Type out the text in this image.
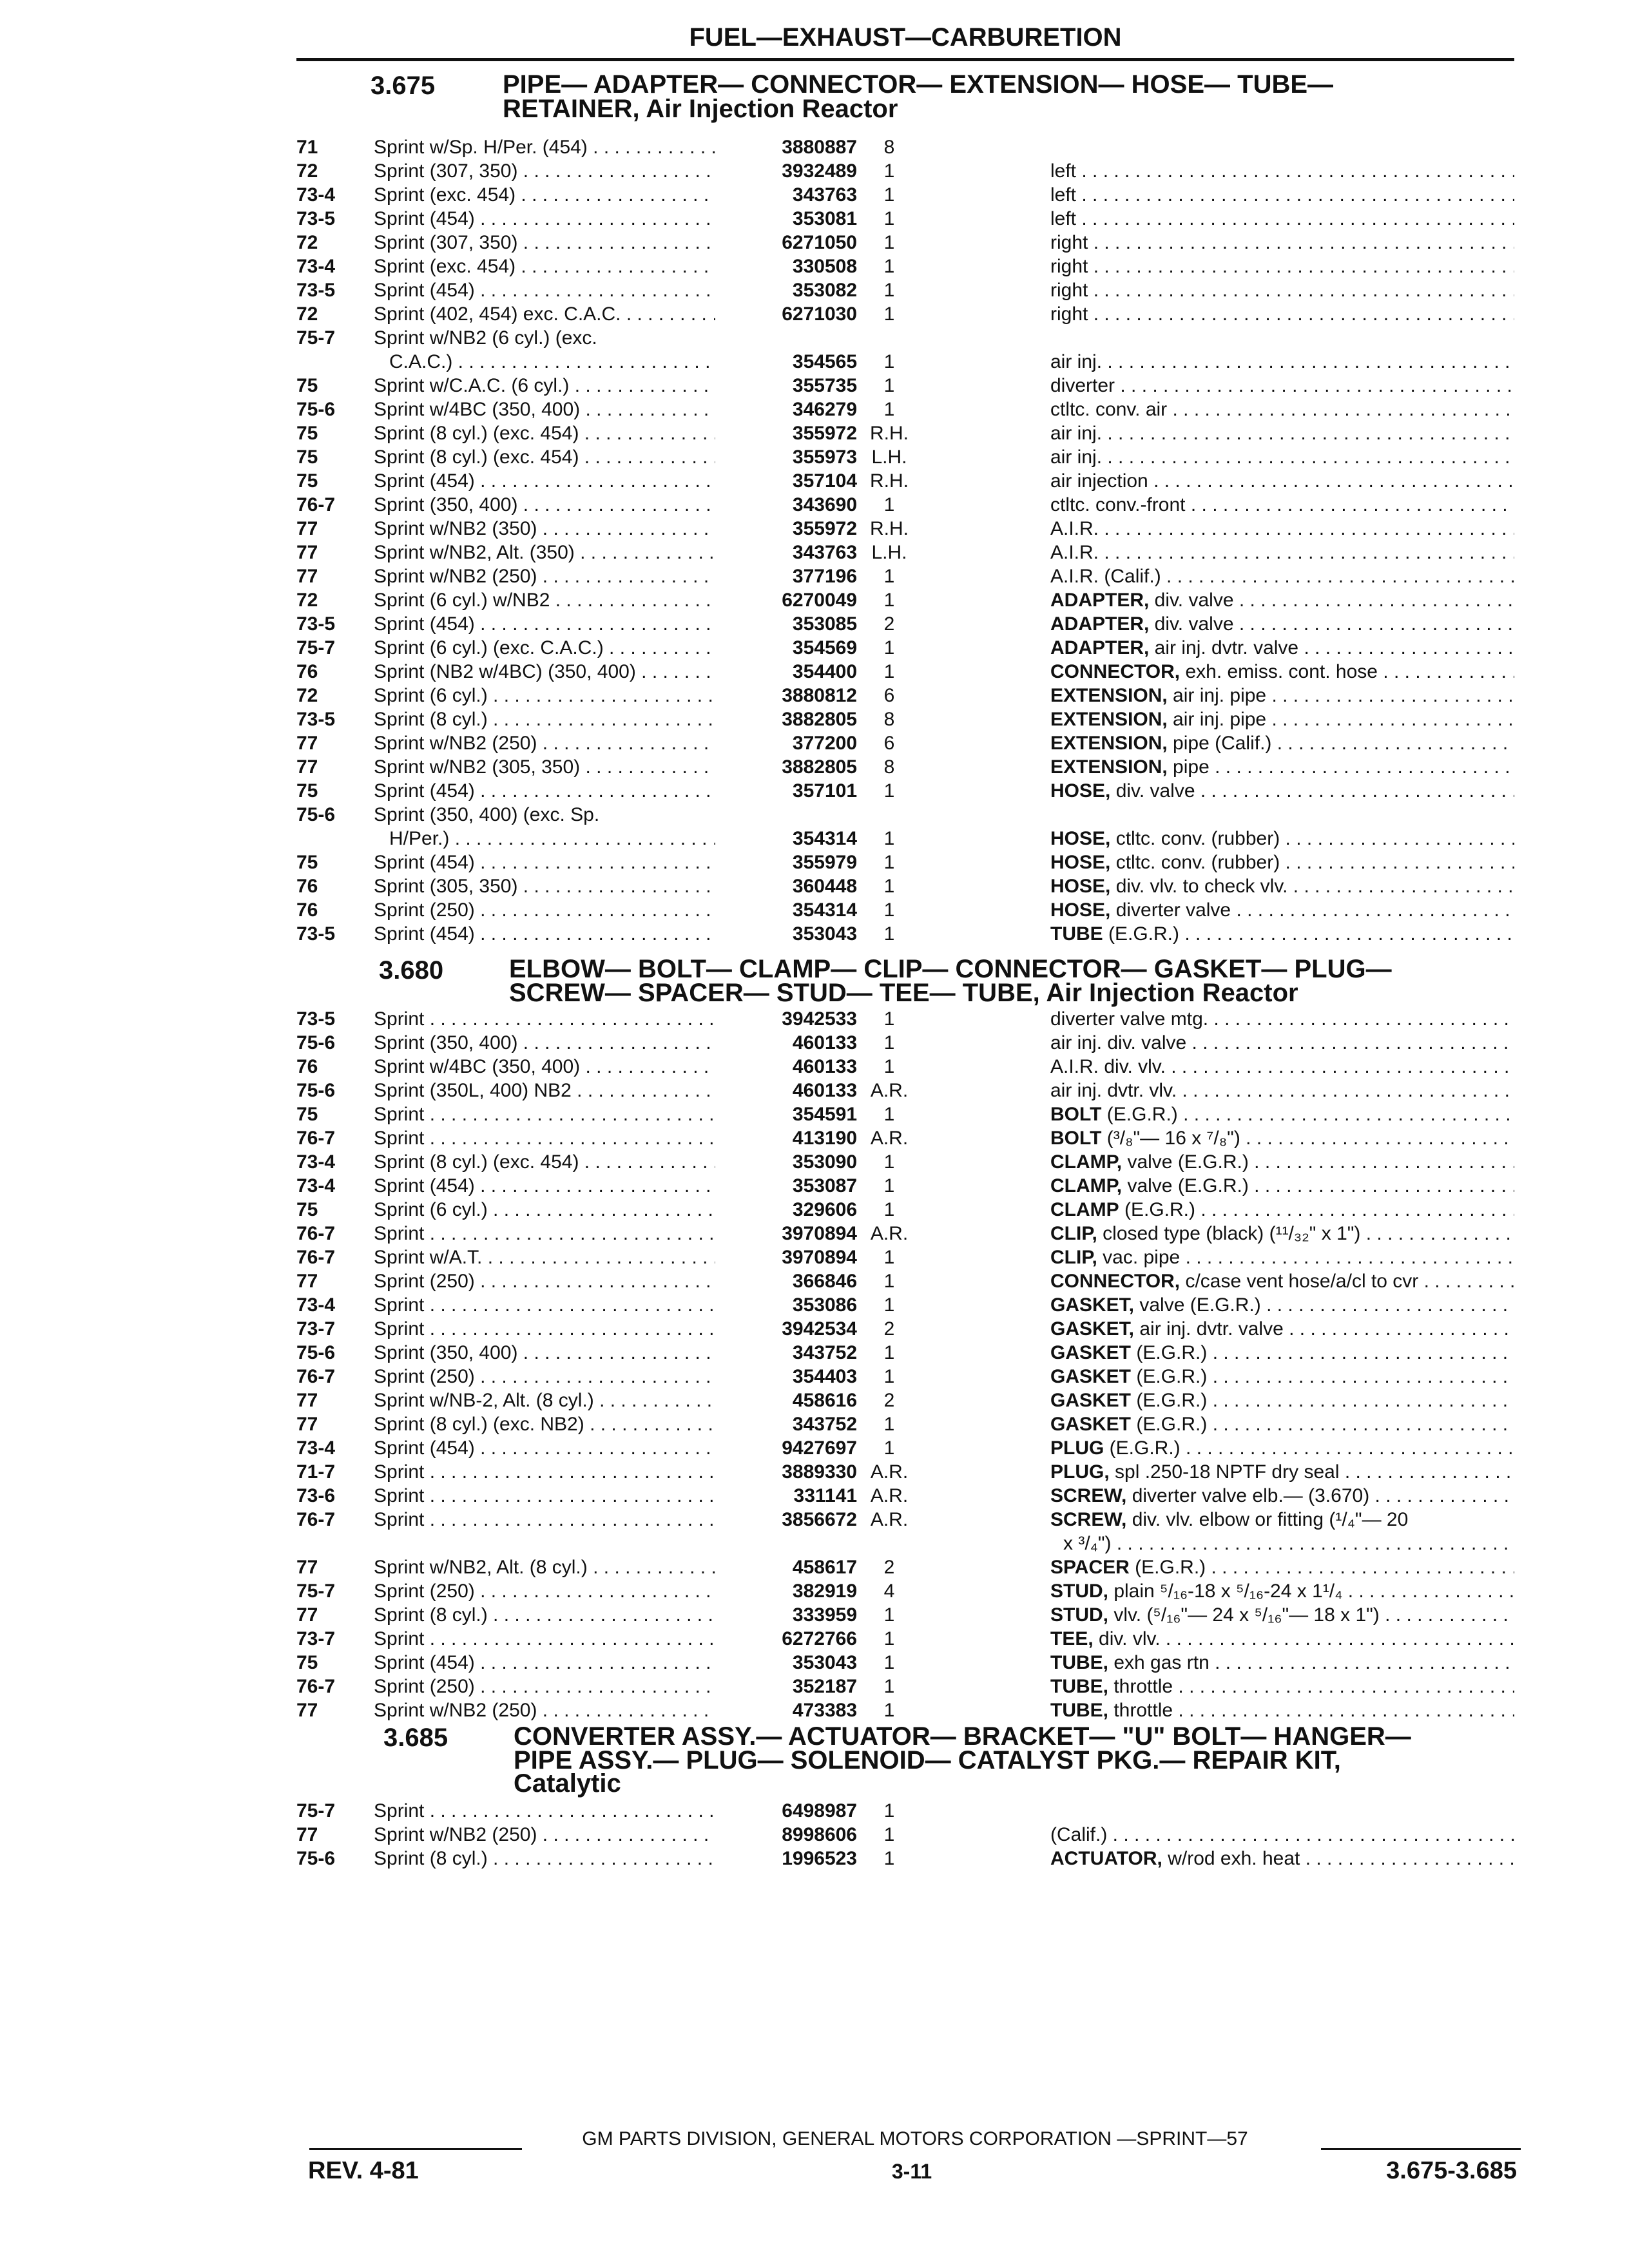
FUEL—EXHAUST—CARBURETION
3.675	PIPE— ADAPTER— CONNECTOR— EXTENSION— HOSE— TUBE—
RETAINER, Air Injection Reactor
71	Sprint w/Sp. H/Per. (454) . . .	3880887	8
72	Sprint (307, 350) . . .	3932489	1	left . . .
73-4	Sprint (exc. 454) . . .	343763	1	left . . .
73-5	Sprint (454) . . .	353081	1	left . . .
72	Sprint (307, 350) . . .	6271050	1	right . . .
73-4	Sprint (exc. 454) . . .	330508	1	right . . .
73-5	Sprint (454) . . .	353082	1	right . . .
72	Sprint (402, 454) exc. C.A.C. . . .	6271030	1	right . . .
75-7	Sprint w/NB2 (6 cyl.) (exc.
C.A.C.) . . .	354565	1	air inj. . . .
75	Sprint w/C.A.C. (6 cyl.) . . .	355735	1	diverter . . .
75-6	Sprint w/4BC (350, 400) . . .	346279	1	ctltc. conv. air . . .
75	Sprint (8 cyl.) (exc. 454) . . .	355972 R.H.	air inj. . . .
75	Sprint (8 cyl.) (exc. 454) . . .	355973 L.H.	air inj. . . .
75	Sprint (454) . . .	357104 R.H.	air injection . . .
76-7	Sprint (350, 400) . . .	343690	1	ctltc. conv.-front . . .
77	Sprint w/NB2 (350) . . .	355972 R.H.	A.I.R. . . .
77	Sprint w/NB2, Alt. (350) . . .	343763 L.H.	A.I.R. . . .
77	Sprint w/NB2 (250) . . .	377196	1	A.I.R. (Calif.) . . .
72	Sprint (6 cyl.) w/NB2 . . .	6270049	1	ADAPTER, div. valve . . .
73-5	Sprint (454) . . .	353085	2	ADAPTER, div. valve . . .
75-7	Sprint (6 cyl.) (exc. C.A.C.) . . .	354569	1	ADAPTER, air inj. dvtr. valve . . .
76	Sprint (NB2 w/4BC) (350, 400) . . .	354400	1	CONNECTOR, exh. emiss. cont. hose . . .
72	Sprint (6 cyl.) . . .	3880812	6	EXTENSION, air inj. pipe . . .
73-5	Sprint (8 cyl.) . . .	3882805	8	EXTENSION, air inj. pipe . . .
77	Sprint w/NB2 (250) . . .	377200	6	EXTENSION, pipe (Calif.) . . .
77	Sprint w/NB2 (305, 350) . . .	3882805	8	EXTENSION, pipe . . .
75	Sprint (454) . . .	357101	1	HOSE, div. valve . . .
75-6	Sprint (350, 400) (exc. Sp.
H/Per.) . . .	354314	1	HOSE, ctltc. conv. (rubber) . . .
75	Sprint (454) . . .	355979	1	HOSE, ctltc. conv. (rubber) . . .
76	Sprint (305, 350) . . .	360448	1	HOSE, div. vlv. to check vlv. . . .
76	Sprint (250) . . .	354314	1	HOSE, diverter valve . . .
73-5	Sprint (454) . . .	353043	1	TUBE (E.G.R.) . . .
3.680	ELBOW— BOLT— CLAMP— CLIP— CONNECTOR— GASKET— PLUG—
SCREW— SPACER— STUD— TEE— TUBE, Air Injection Reactor
73-5	Sprint . . .	3942533	1	diverter valve mtg. . . .
75-6	Sprint (350, 400) . . .	460133	1	air inj. div. valve . . .
76	Sprint w/4BC (350, 400) . . .	460133	1	A.I.R. div. vlv. . . .
75-6	Sprint (350L, 400) NB2 . . .	460133 A.R.	air inj. dvtr. vlv. . . .
75	Sprint . . .	354591	1	BOLT (E.G.R.) . . .
76-7	Sprint . . .	413190 A.R.	BOLT (³/₈"— 16 x ⁷/₈") . . .
73-4	Sprint (8 cyl.) (exc. 454) . . .	353090	1	CLAMP, valve (E.G.R.) . . .
73-4	Sprint (454) . . .	353087	1	CLAMP, valve (E.G.R.) . . .
75	Sprint (6 cyl.) . . .	329606	1	CLAMP (E.G.R.) . . .
76-7	Sprint . . .	3970894 A.R.	CLIP, closed type (black) (¹¹/₃₂" x 1") . . .
76-7	Sprint w/A.T. . . .	3970894	1	CLIP, vac. pipe . . .
77	Sprint (250) . . .	366846	1	CONNECTOR, c/case vent hose/a/cl to cvr . . .
73-4	Sprint . . .	353086	1	GASKET, valve (E.G.R.) . . .
73-7	Sprint . . .	3942534	2	GASKET, air inj. dvtr. valve . . .
75-6	Sprint (350, 400) . . .	343752	1	GASKET (E.G.R.) . . .
76-7	Sprint (250) . . .	354403	1	GASKET (E.G.R.) . . .
77	Sprint w/NB-2, Alt. (8 cyl.) . . .	458616	2	GASKET (E.G.R.) . . .
77	Sprint (8 cyl.) (exc. NB2) . . .	343752	1	GASKET (E.G.R.) . . .
73-4	Sprint (454) . . .	9427697	1	PLUG (E.G.R.) . . .
71-7	Sprint . . .	3889330 A.R.	PLUG, spl .250-18 NPTF dry seal . . .
73-6	Sprint . . .	331141 A.R.	SCREW, diverter valve elb.— (3.670) . . .
76-7	Sprint . . .	3856672 A.R.	SCREW, div. vlv. elbow or fitting (¹/₄"— 20
x ³/₄") . . .
77	Sprint w/NB2, Alt. (8 cyl.) . . .	458617	2	SPACER (E.G.R.) . . .
75-7	Sprint (250) . . .	382919	4	STUD, plain ⁵/₁₆-18 x ⁵/₁₆-24 x 1¹/₄ . . .
77	Sprint (8 cyl.) . . .	333959	1	STUD, vlv. (⁵/₁₆"— 24 x ⁵/₁₆"— 18 x 1") . . .
73-7	Sprint . . .	6272766	1	TEE, div. vlv. . . .
75	Sprint (454) . . .	353043	1	TUBE, exh gas rtn . . .
76-7	Sprint (250) . . .	352187	1	TUBE, throttle . . .
77	Sprint w/NB2 (250) . . .	473383	1	TUBE, throttle . . .
3.685	CONVERTER ASSY.— ACTUATOR— BRACKET— "U" BOLT— HANGER—
PIPE ASSY.— PLUG— SOLENOID— CATALYST PKG.— REPAIR KIT,
Catalytic
75-7	Sprint . . .	6498987	1
77	Sprint w/NB2 (250) . . .	8998606	1	(Calif.) . . .
75-6	Sprint (8 cyl.) . . .	1996523	1	ACTUATOR, w/rod exh. heat . . .
GM PARTS DIVISION, GENERAL MOTORS CORPORATION —SPRINT—57
REV. 4-81	3-11	3.675-3.685
